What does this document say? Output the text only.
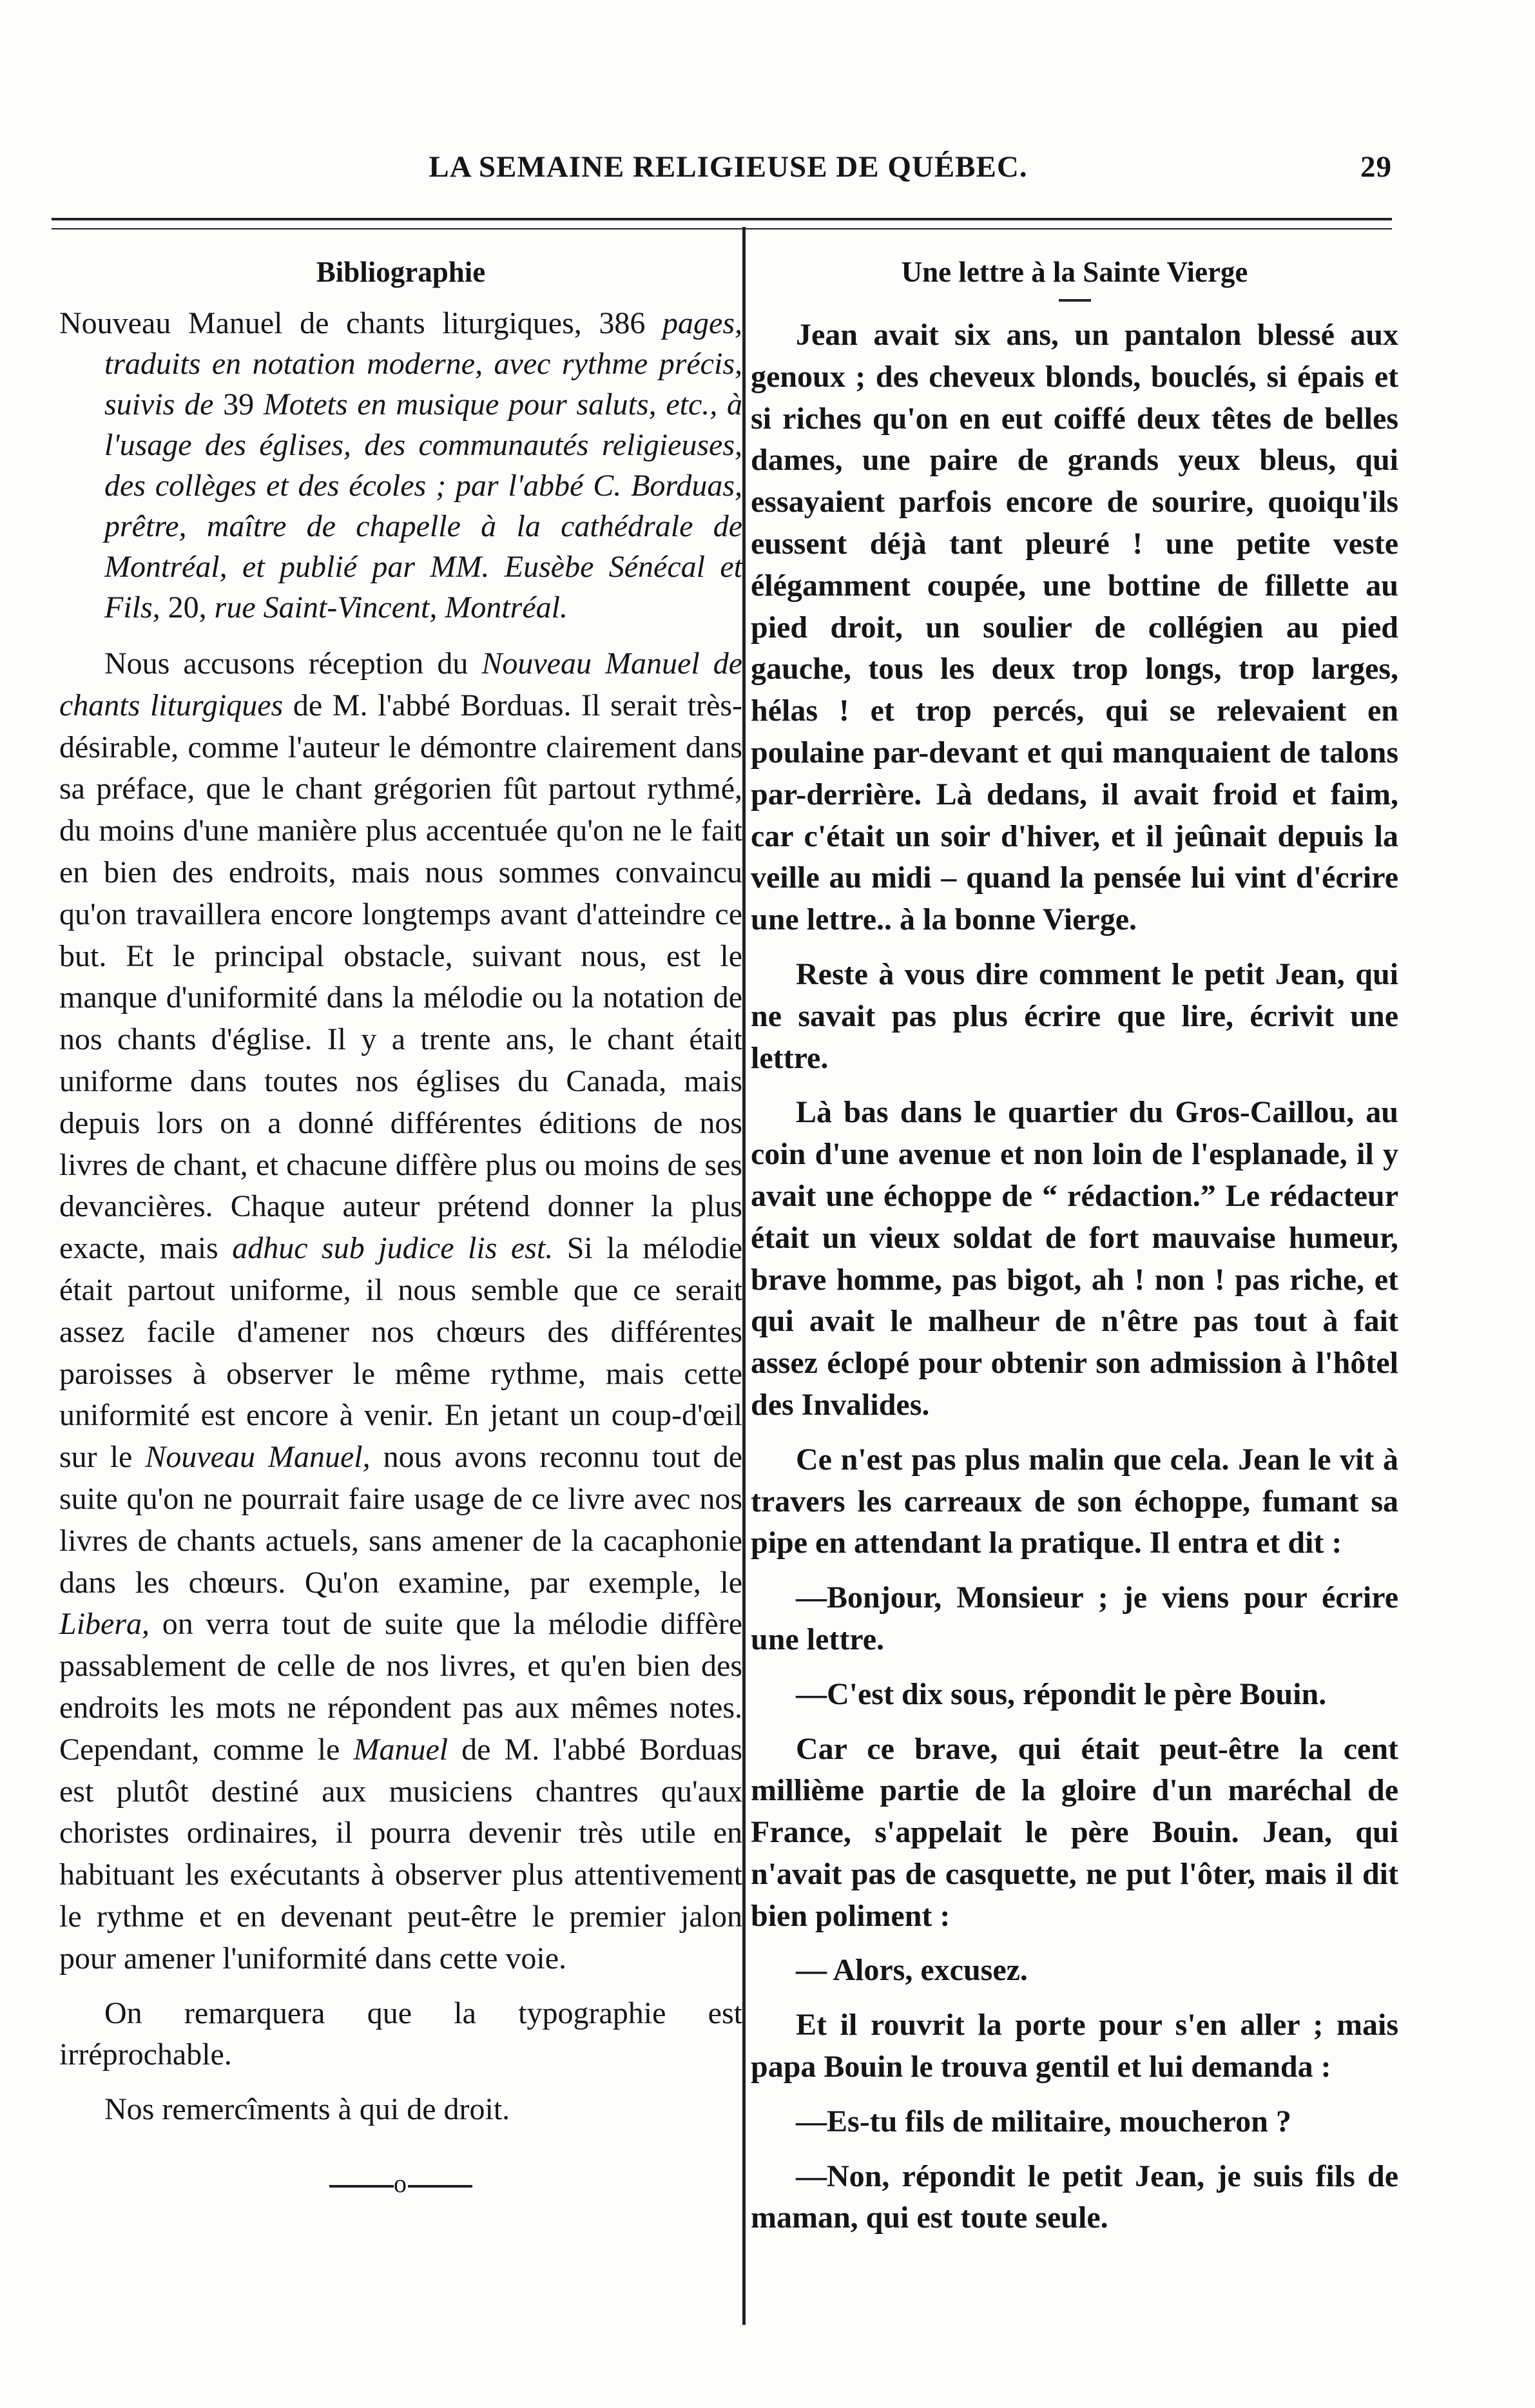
LA SEMAINE RELIGIEUSE DE QUÉBEC.	29
Bibliographie
Nouveau Manuel de chants liturgiques, 386 pages, traduits en notation moderne, avec rythme précis, suivis de 39 Motets en musique pour saluts, etc., à l'usage des églises, des communautés religieuses, des collèges et des écoles ; par l'abbé C. Borduas, prêtre, maître de chapelle à la cathédrale de Montréal, et publié par MM. Eusèbe Sénécal et Fils, 20, rue Saint-Vincent, Montréal.

Nous accusons réception du Nouveau Manuel de chants liturgiques de M. l'abbé Borduas. Il serait très-désirable, comme l'auteur le démontre clairement dans sa préface, que le chant grégorien fût partout rythmé, du moins d'une manière plus accentuée qu'on ne le fait en bien des endroits, mais nous sommes convaincu qu'on travaillera encore longtemps avant d'atteindre ce but. Et le principal obstacle, suivant nous, est le manque d'uniformité dans la mélodie ou la notation de nos chants d'église. Il y a trente ans, le chant était uniforme dans toutes nos églises du Canada, mais depuis lors on a donné différentes éditions de nos livres de chant, et chacune diffère plus ou moins de ses devancières. Chaque auteur prétend donner la plus exacte, mais adhuc sub judice lis est. Si la mélodie était partout uniforme, il nous semble que ce serait assez facile d'amener nos chœurs des différentes paroisses à observer le même rythme, mais cette uniformité est encore à venir. En jetant un coup-d'œil sur le Nouveau Manuel, nous avons reconnu tout de suite qu'on ne pourrait faire usage de ce livre avec nos livres de chants actuels, sans amener de la cacaphonie dans les chœurs. Qu'on examine, par exemple, le Libera, on verra tout de suite que la mélodie diffère passablement de celle de nos livres, et qu'en bien des endroits les mots ne répondent pas aux mêmes notes. Cependant, comme le Manuel de M. l'abbé Borduas est plutôt destiné aux musiciens chantres qu'aux choristes ordinaires, il pourra devenir très utile en habituant les exécutants à observer plus attentivement le rythme et en devenant peut-être le premier jalon pour amener l'uniformité dans cette voie.

On remarquera que la typographie est irréprochable.

Nos remercîments à qui de droit.

o
Une lettre à la Sainte Vierge

Jean avait six ans, un pantalon blessé aux genoux ; des cheveux blonds, bouclés, si épais et si riches qu'on en eut coiffé deux têtes de belles dames, une paire de grands yeux bleus, qui essayaient parfois encore de sourire, quoiqu'ils eussent déjà tant pleuré ! une petite veste élégamment coupée, une bottine de fillette au pied droit, un soulier de collégien au pied gauche, tous les deux trop longs, trop larges, hélas ! et trop percés, qui se relevaient en poulaine par-devant et qui manquaient de talons par-derrière. Là dedans, il avait froid et faim, car c'était un soir d'hiver, et il jeûnait depuis la veille au midi – quand la pensée lui vint d'écrire une lettre.. à la bonne Vierge.

Reste à vous dire comment le petit Jean, qui ne savait pas plus écrire que lire, écrivit une lettre.

Là bas dans le quartier du Gros-Caillou, au coin d'une avenue et non loin de l'esplanade, il y avait une échoppe de “ rédaction.” Le rédacteur était un vieux soldat de fort mauvaise humeur, brave homme, pas bigot, ah ! non ! pas riche, et qui avait le malheur de n'être pas tout à fait assez éclopé pour obtenir son admission à l'hôtel des Invalides.

Ce n'est pas plus malin que cela. Jean le vit à travers les carreaux de son échoppe, fumant sa pipe en attendant la pratique. Il entra et dit :

—Bonjour, Monsieur ; je viens pour écrire une lettre.

—C'est dix sous, répondit le père Bouin.

Car ce brave, qui était peut-être la cent millième partie de la gloire d'un maréchal de France, s'appelait le père Bouin. Jean, qui n'avait pas de casquette, ne put l'ôter, mais il dit bien poliment :

— Alors, excusez.

Et il rouvrit la porte pour s'en aller ; mais papa Bouin le trouva gentil et lui demanda :

—Es-tu fils de militaire, moucheron ?

—Non, répondit le petit Jean, je suis fils de maman, qui est toute seule.
